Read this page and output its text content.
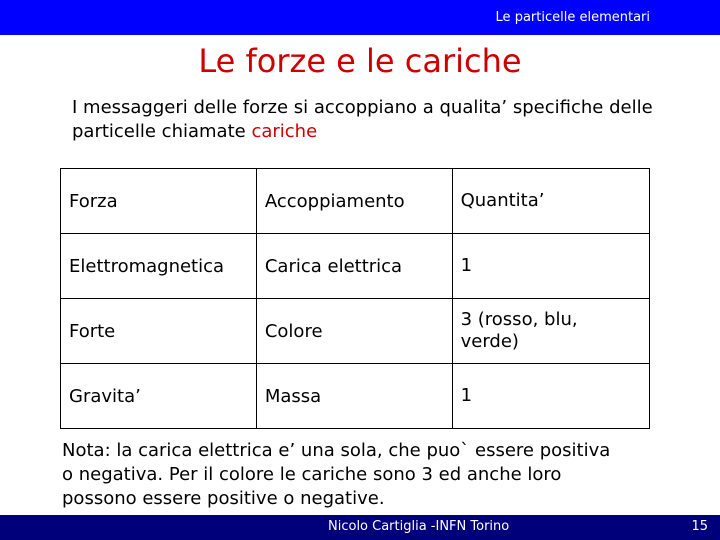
Le particelle elementari
Le forze e le cariche
I messaggeri delle forze si accoppiano a qualita’ specifiche delle particelle chiamate cariche
Forza	Accoppiamento	Quantita’
Elettromagnetica	Carica elettrica	1
Forte	Colore	3 (rosso, blu, verde)
Gravita’	Massa	1
Nota: la carica elettrica e’ una sola, che puo` essere positiva o negativa. Per il colore le cariche sono 3 ed anche loro possono essere positive o negative.
Nicolo Cartiglia -INFN Torino	15
